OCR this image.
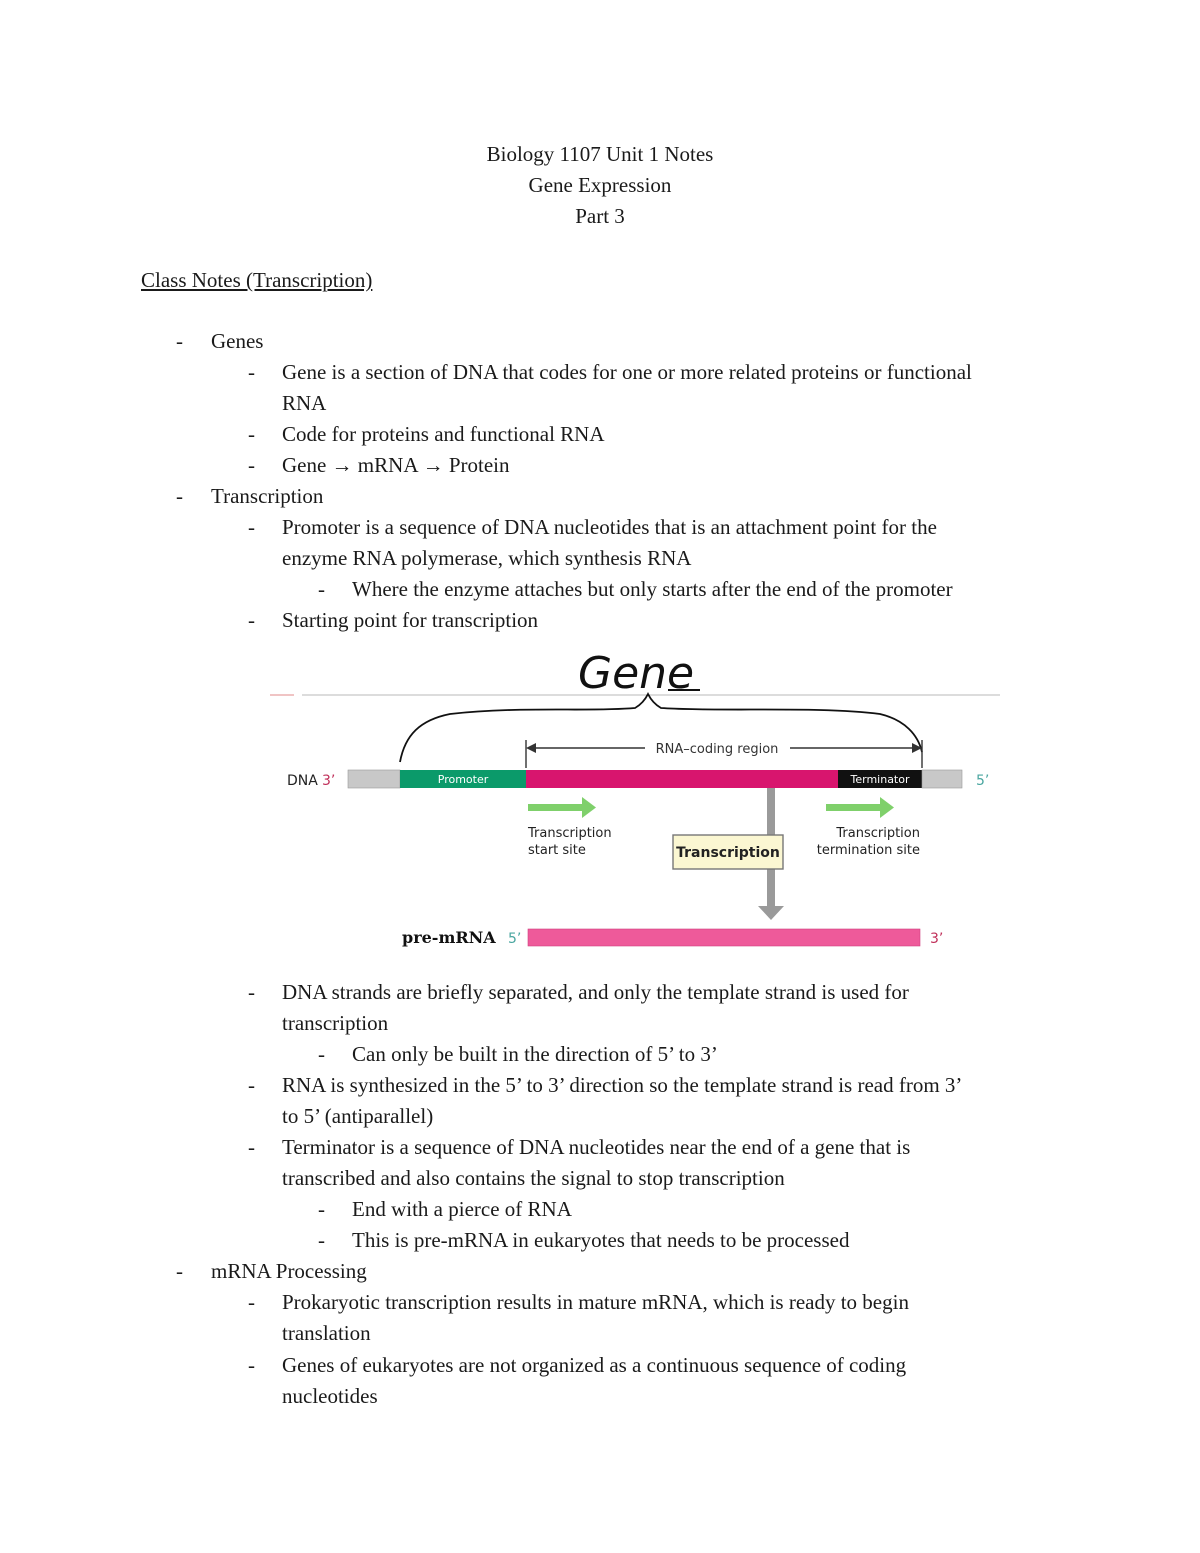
Biology 1107 Unit 1 Notes
Gene Expression
Part 3
Class Notes (Transcription)
- Genes
- Gene is a section of DNA that codes for one or more related proteins or functional
RNA
- Code for proteins and functional RNA
- Gene → mRNA → Protein
- Transcription
- Promoter is a sequence of DNA nucleotides that is an attachment point for the
enzyme RNA polymerase, which synthesis RNA
- Where the enzyme attaches but only starts after the end of the promoter
- Starting point for transcription
Gene
RNA–coding region
DNA 3’	Promoter	Terminator	5’
Transcription
start site
Transcription
termination site
Transcription
pre-mRNA 5’	3’
- DNA strands are briefly separated, and only the template strand is used for
transcription
- Can only be built in the direction of 5’ to 3’
- RNA is synthesized in the 5’ to 3’ direction so the template strand is read from 3’
to 5’ (antiparallel)
- Terminator is a sequence of DNA nucleotides near the end of a gene that is
transcribed and also contains the signal to stop transcription
- End with a pierce of RNA
- This is pre-mRNA in eukaryotes that needs to be processed
- mRNA Processing
- Prokaryotic transcription results in mature mRNA, which is ready to begin
translation
- Genes of eukaryotes are not organized as a continuous sequence of coding
nucleotides
